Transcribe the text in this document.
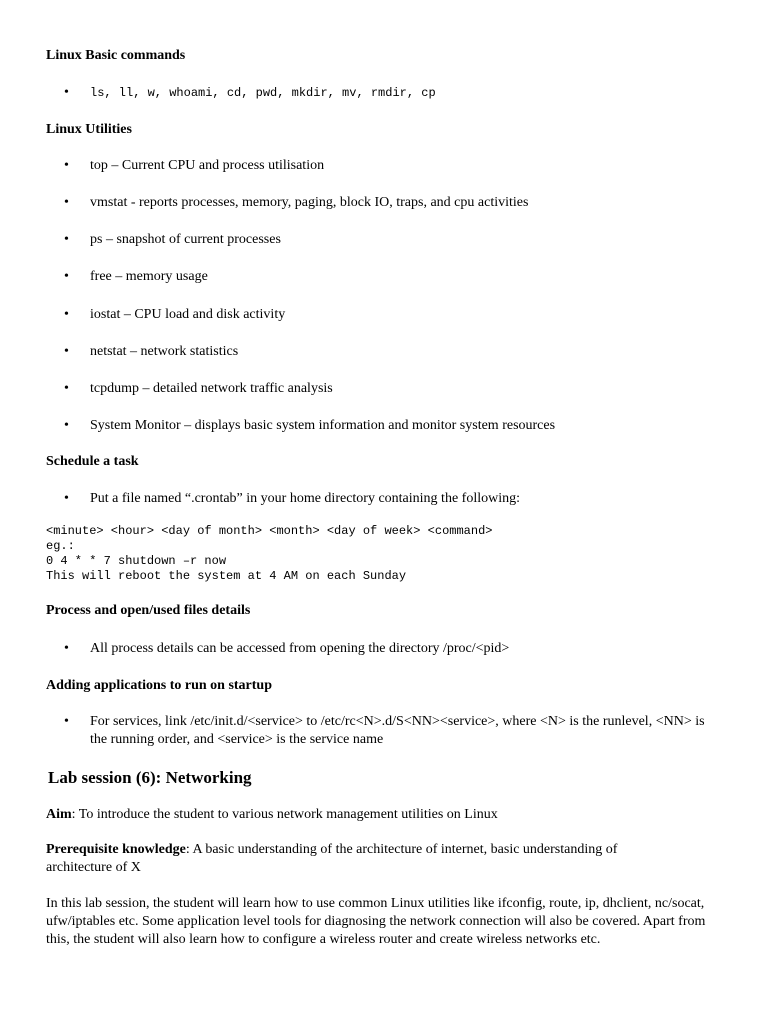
Linux Basic commands
•	ls, ll, w, whoami, cd, pwd, mkdir, mv, rmdir, cp
Linux Utilities
•	top – Current CPU and process utilisation
•	vmstat - reports processes, memory, paging, block IO, traps, and cpu activities
•	ps – snapshot of current processes
•	free – memory usage
•	iostat – CPU load and disk activity
•	netstat – network statistics
•	tcpdump – detailed network traffic analysis
•	System Monitor – displays basic system information and monitor system resources
Schedule a task
•	Put a file named “.crontab” in your home directory containing the following:
<minute> <hour> <day of month> <month> <day of week> <command>
eg.:
0 4 * * 7 shutdown –r now
This will reboot the system at 4 AM on each Sunday
Process and open/used files details
•	All process details can be accessed from opening the directory /proc/<pid>
Adding applications to run on startup
•	For services, link /etc/init.d/<service> to /etc/rc<N>.d/S<NN><service>, where <N> is the runlevel, <NN> is the running order, and <service> is the service name
Lab session (6): Networking
Aim: To introduce the student to various network management utilities on Linux
Prerequisite knowledge: A basic understanding of the architecture of internet, basic understanding of architecture of X
In this lab session, the student will learn how to use common Linux utilities like ifconfig, route, ip, dhclient, nc/socat, ufw/iptables etc. Some application level tools for diagnosing the network connection will also be covered. Apart from this, the student will also learn how to configure a wireless router and create wireless networks etc.
